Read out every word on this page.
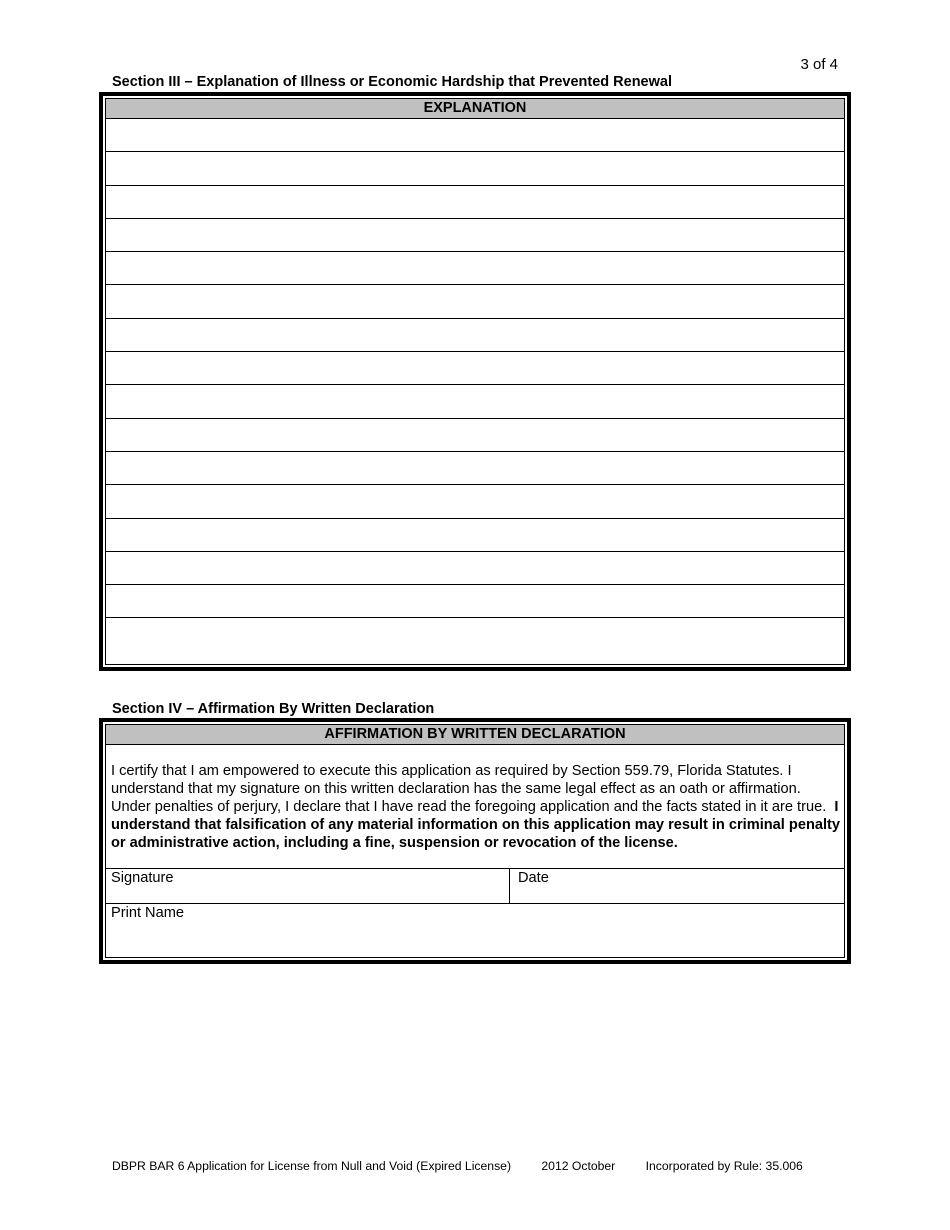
3 of 4
Section III – Explanation of Illness or Economic Hardship that Prevented Renewal
EXPLANATION
Section IV – Affirmation By Written Declaration
AFFIRMATION BY WRITTEN DECLARATION
I certify that I am empowered to execute this application as required by Section 559.79, Florida Statutes. I understand that my signature on this written declaration has the same legal effect as an oath or affirmation. Under penalties of perjury, I declare that I have read the foregoing application and the facts stated in it are true. I understand that falsification of any material information on this application may result in criminal penalty or administrative action, including a fine, suspension or revocation of the license.
Signature	Date
Print Name
DBPR BAR 6 Application for License from Null and Void (Expired License) 2012 October Incorporated by Rule: 35.006
